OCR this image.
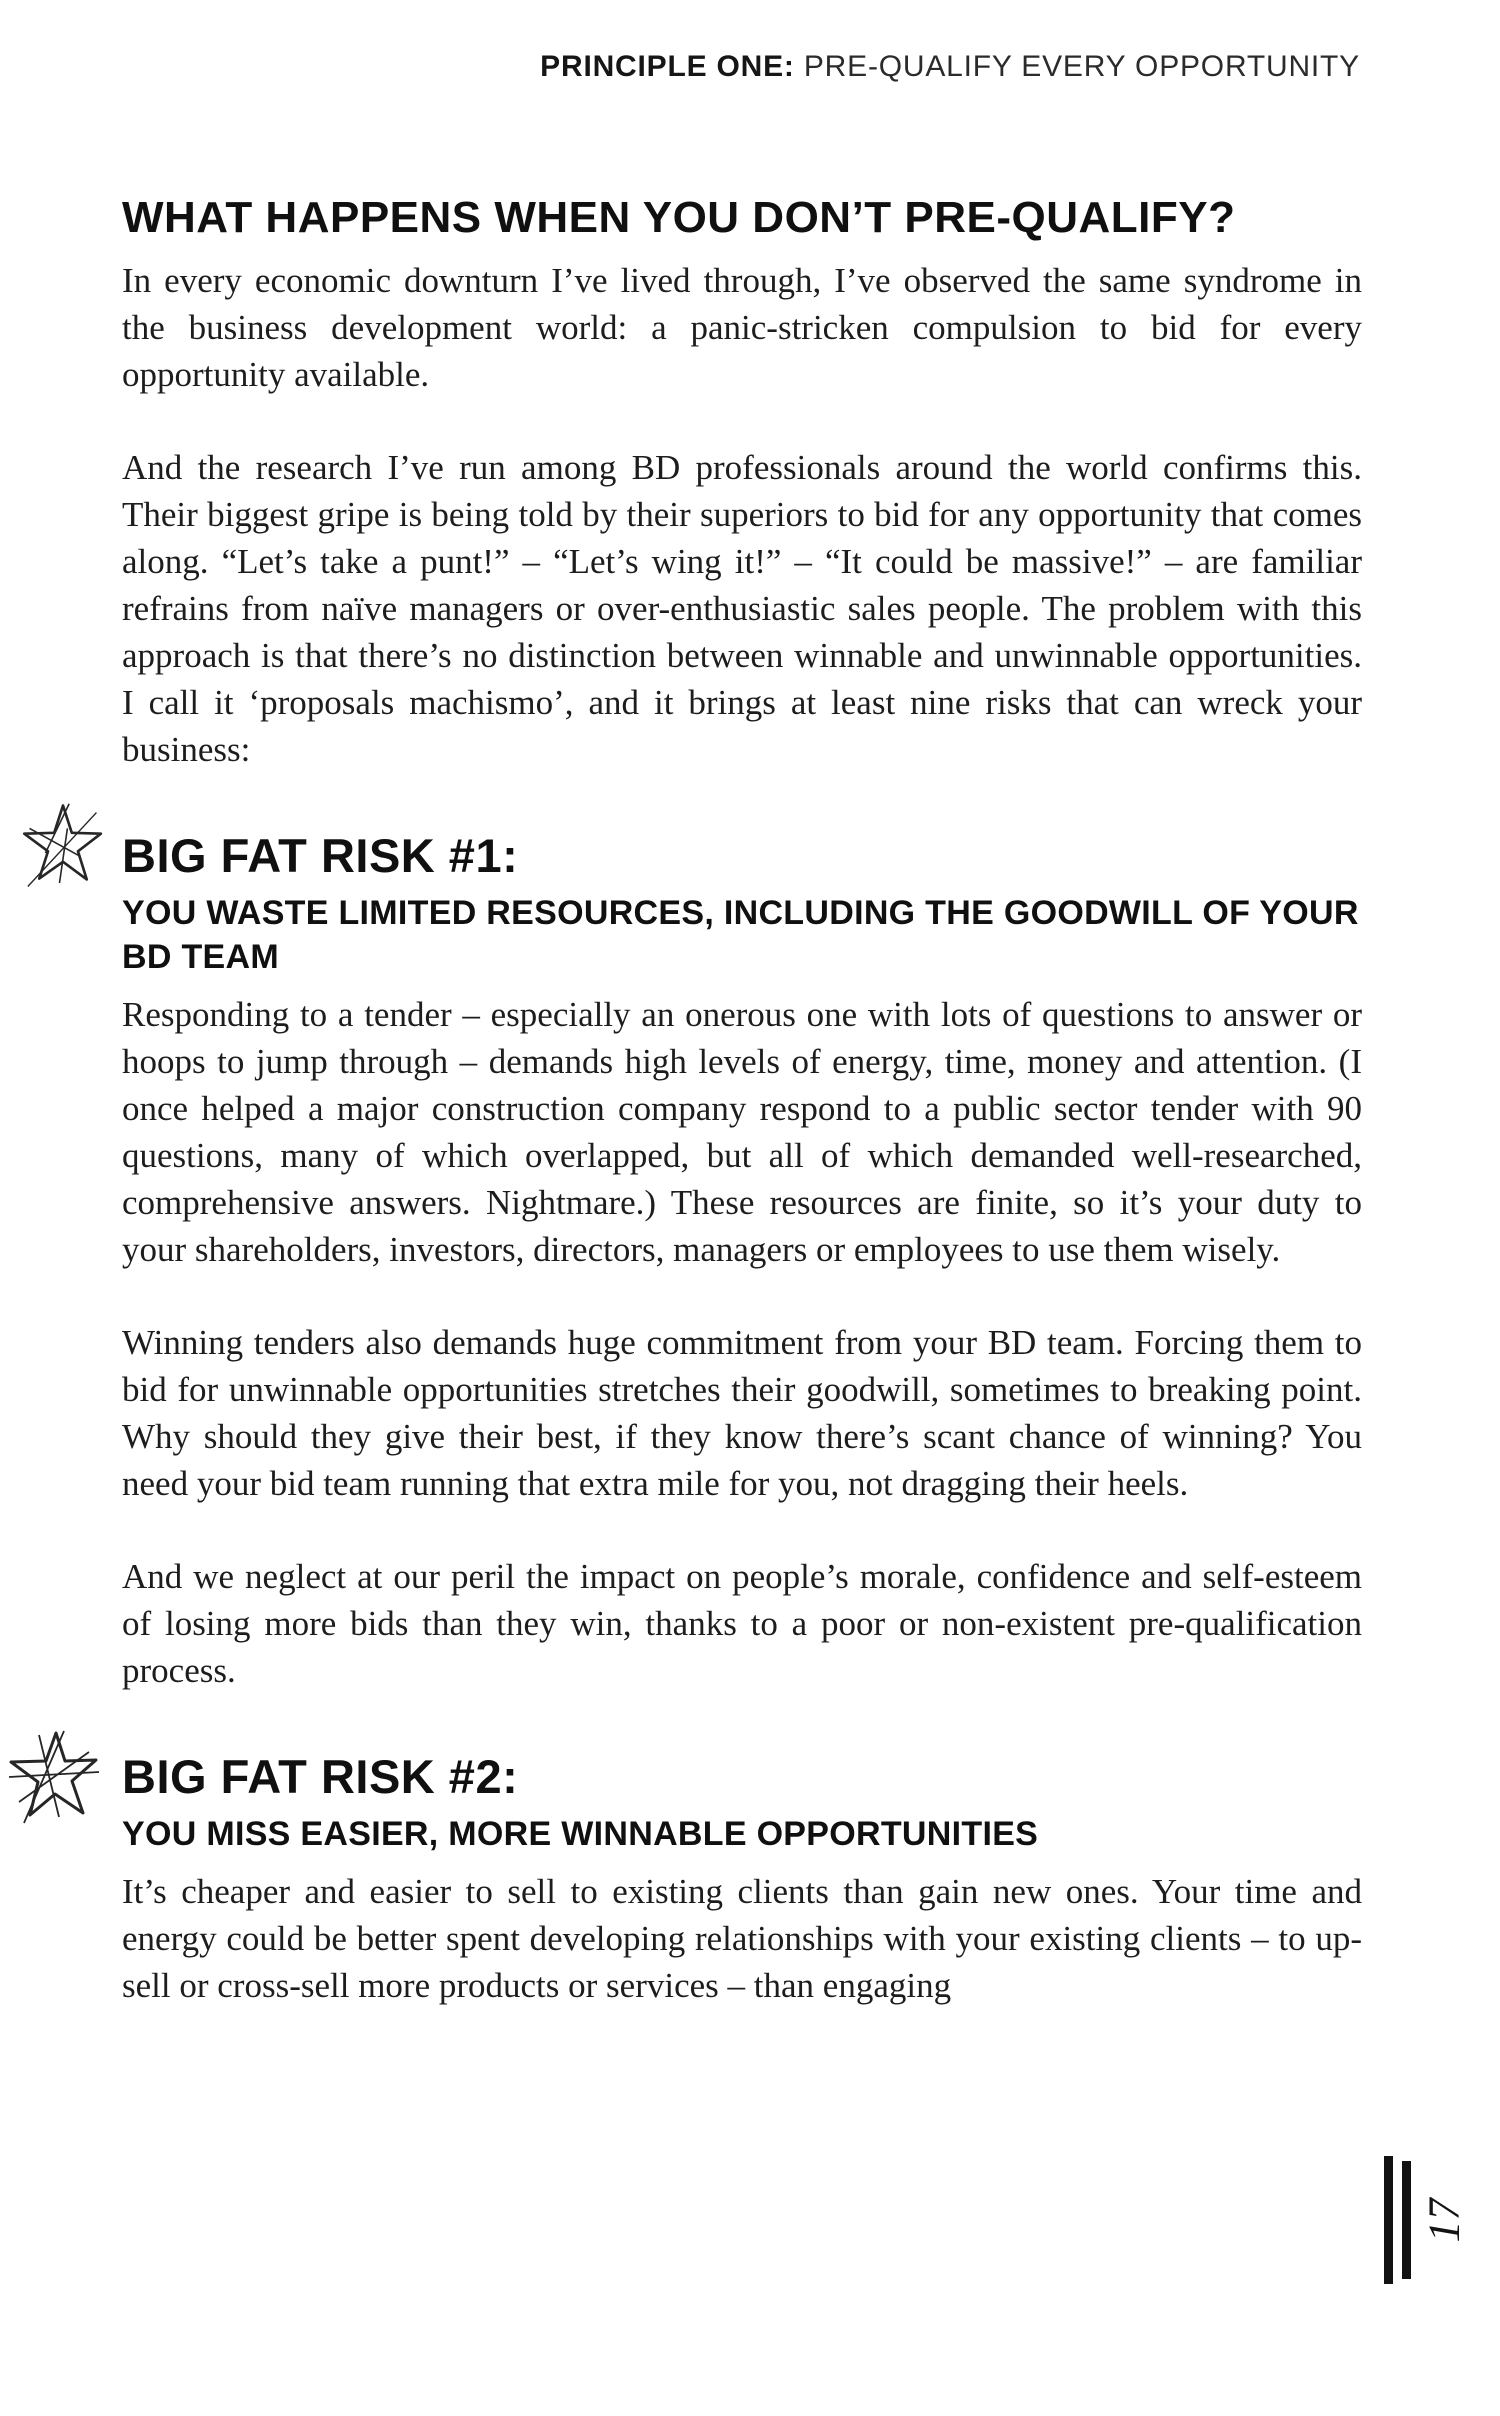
PRINCIPLE ONE: PRE-QUALIFY EVERY OPPORTUNITY
WHAT HAPPENS WHEN YOU DON’T PRE-QUALIFY?

In every economic downturn I’ve lived through, I’ve observed the same syndrome in the business development world: a panic-stricken compulsion to bid for every opportunity available.

And the research I’ve run among BD professionals around the world confirms this. Their biggest gripe is being told by their superiors to bid for any opportunity that comes along. “Let’s take a punt!” – “Let’s wing it!” – “It could be massive!” – are familiar refrains from naïve managers or over-enthusiastic sales people. The problem with this approach is that there’s no distinction between winnable and unwinnable opportunities. I call it ‘proposals machismo’, and it brings at least nine risks that can wreck your business:

BIG FAT RISK #1:
YOU WASTE LIMITED RESOURCES, INCLUDING THE GOODWILL OF YOUR BD TEAM

Responding to a tender – especially an onerous one with lots of questions to answer or hoops to jump through – demands high levels of energy, time, money and attention. (I once helped a major construction company respond to a public sector tender with 90 questions, many of which overlapped, but all of which demanded well-researched, comprehensive answers. Nightmare.) These resources are finite, so it’s your duty to your shareholders, investors, directors, managers or employees to use them wisely.

Winning tenders also demands huge commitment from your BD team. Forcing them to bid for unwinnable opportunities stretches their goodwill, sometimes to breaking point. Why should they give their best, if they know there’s scant chance of winning? You need your bid team running that extra mile for you, not dragging their heels.

And we neglect at our peril the impact on people’s morale, confidence and self-esteem of losing more bids than they win, thanks to a poor or non-existent pre-qualification process.

BIG FAT RISK #2:
YOU MISS EASIER, MORE WINNABLE OPPORTUNITIES

It’s cheaper and easier to sell to existing clients than gain new ones. Your time and energy could be better spent developing relationships with your existing clients – to up-sell or cross-sell more products or services – than engaging

17
